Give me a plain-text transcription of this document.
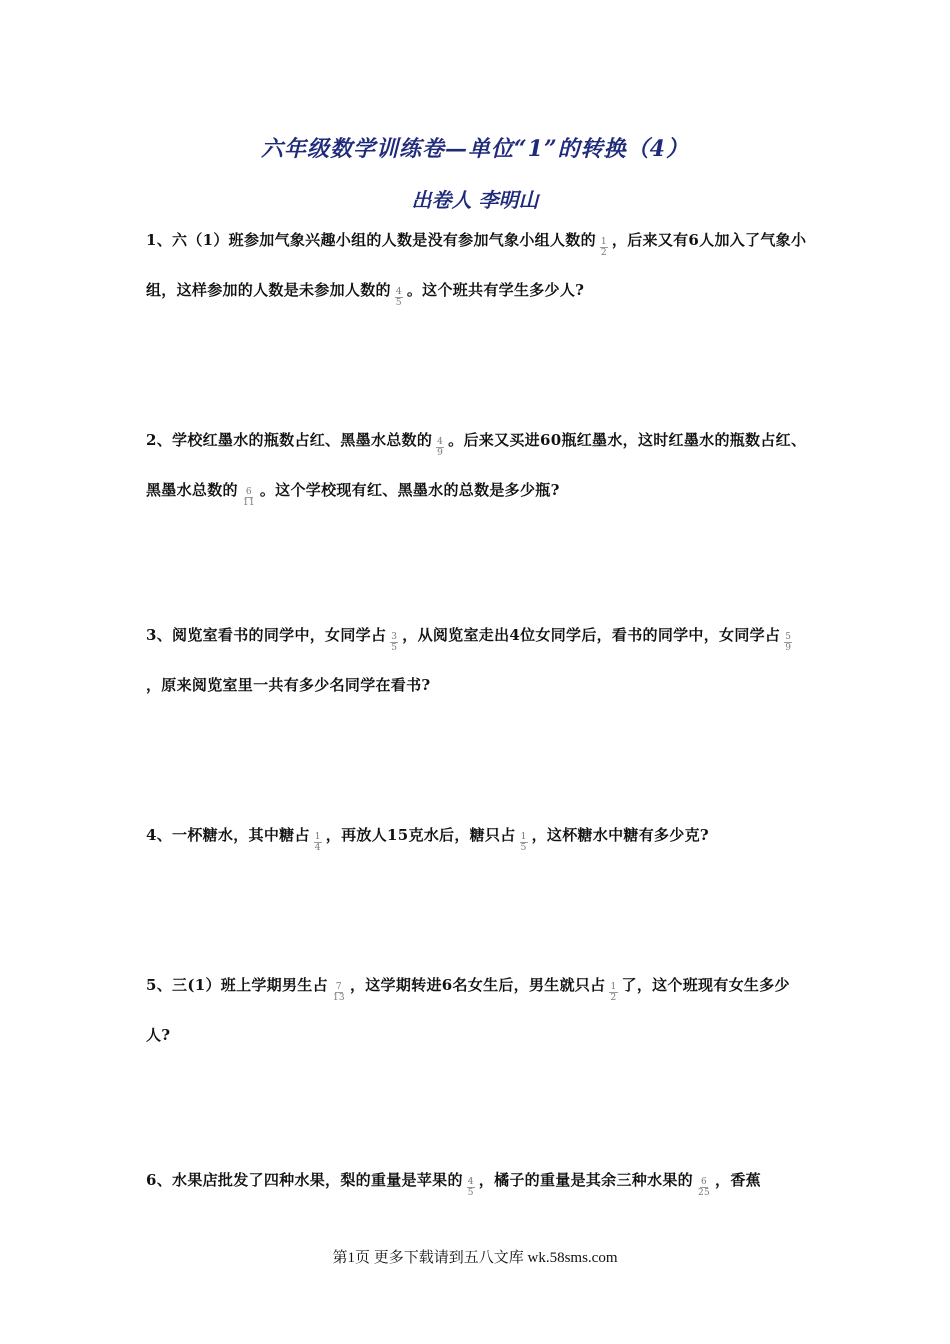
六年级数学训练卷—单位“1”的转换（4）
出卷人 李明山
1、六（1）班参加气象兴趣小组的人数是没有参加气象小组人数的 $\frac{1}{2}$ ，后来又有6人加入了气象小组，这样参加的人数是未参加人数的 $\frac{4}{5}$ 。这个班共有学生多少人?
2、学校红墨水的瓶数占红、黑墨水总数的 $\frac{4}{9}$ 。后来又买进60瓶红墨水，这时红墨水的瓶数占红、黑墨水总数的 $\frac{6}{11}$ 。这个学校现有红、黑墨水的总数是多少瓶?
3、阅览室看书的同学中，女同学占 $\frac{3}{5}$ ，从阅览室走出4位女同学后，看书的同学中，女同学占 $\frac{5}{9}$
，原来阅览室里一共有多少名同学在看书?
4、一杯糖水，其中糖占 $\frac{1}{4}$ ，再放人15克水后，糖只占 $\frac{1}{5}$ ，这杯糖水中糖有多少克?
5、三(1）班上学期男生占 $\frac{7}{13}$ ，这学期转进6名女生后，男生就只占 $\frac{1}{2}$ 了，这个班现有女生多少人?
6、水果店批发了四种水果，梨的重量是苹果的 $\frac{4}{5}$ ，橘子的重量是其余三种水果的 $\frac{6}{25}$ ，香蕉
第1页 更多下载请到五八文库 wk.58sms.com
